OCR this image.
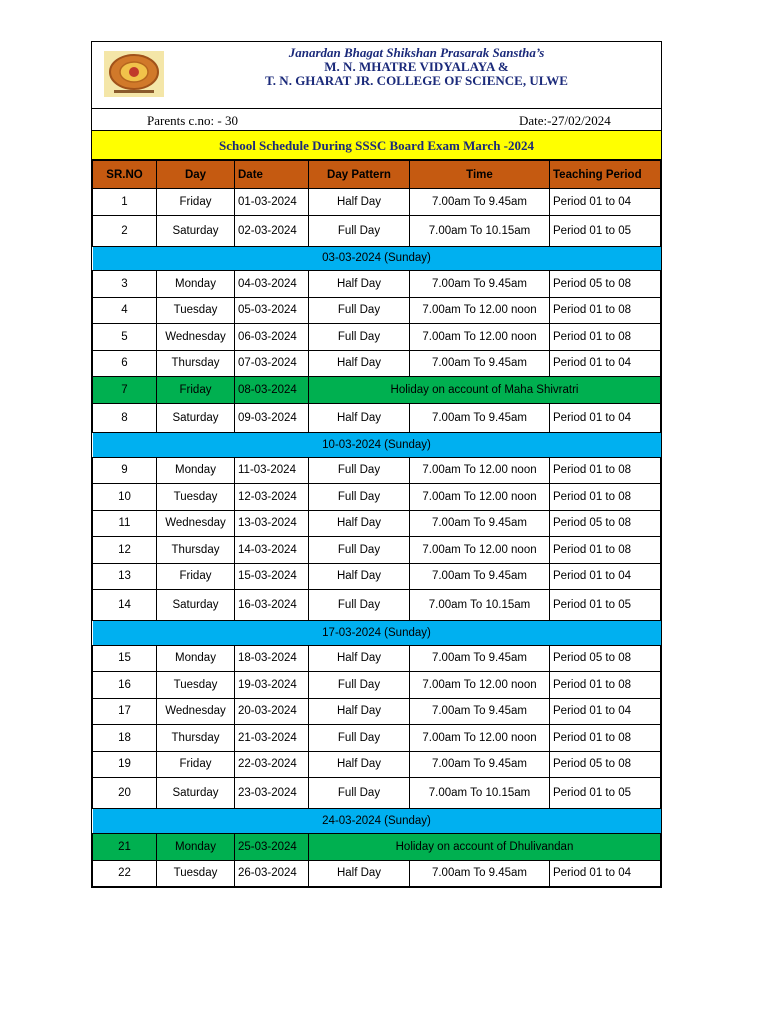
Janardan Bhagat Shikshan Prasarak Sanstha’s
M. N. MHATRE VIDYALAYA &
T. N. GHARAT JR. COLLEGE OF SCIENCE, ULWE
Parents c.no: - 30	Date:-27/02/2024
School Schedule During SSSC Board Exam March -2024
SR.NO	Day	Date	Day Pattern	Time	Teaching Period
1	Friday	01-03-2024	Half Day	7.00am To 9.45am	Period 01 to 04
2	Saturday	02-03-2024	Full Day	7.00am To 10.15am	Period 01 to 05
03-03-2024 (Sunday)					
3	Monday	04-03-2024	Half Day	7.00am To 9.45am	Period 05 to 08
4	Tuesday	05-03-2024	Full Day	7.00am To 12.00 noon	Period 01 to 08
5	Wednesday	06-03-2024	Full Day	7.00am To 12.00 noon	Period 01 to 08
6	Thursday	07-03-2024	Half Day	7.00am To 9.45am	Period 01 to 04
7	Friday	08-03-2024	Holiday on account of Maha Shivratri		
8	Saturday	09-03-2024	Half Day	7.00am To 9.45am	Period 01 to 04
10-03-2024 (Sunday)					
9	Monday	11-03-2024	Full Day	7.00am To 12.00 noon	Period 01 to 08
10	Tuesday	12-03-2024	Full Day	7.00am To 12.00 noon	Period 01 to 08
11	Wednesday	13-03-2024	Half Day	7.00am To 9.45am	Period 05 to 08
12	Thursday	14-03-2024	Full Day	7.00am To 12.00 noon	Period 01 to 08
13	Friday	15-03-2024	Half Day	7.00am To 9.45am	Period 01 to 04
14	Saturday	16-03-2024	Full Day	7.00am To 10.15am	Period 01 to 05
17-03-2024 (Sunday)					
15	Monday	18-03-2024	Half Day	7.00am To 9.45am	Period 05 to 08
16	Tuesday	19-03-2024	Full Day	7.00am To 12.00 noon	Period 01 to 08
17	Wednesday	20-03-2024	Half Day	7.00am To 9.45am	Period 01 to 04
18	Thursday	21-03-2024	Full Day	7.00am To 12.00 noon	Period 01 to 08
19	Friday	22-03-2024	Half Day	7.00am To 9.45am	Period 05 to 08
20	Saturday	23-03-2024	Full Day	7.00am To 10.15am	Period 01 to 05
24-03-2024 (Sunday)					
21	Monday	25-03-2024	Holiday on account of Dhulivandan		
22	Tuesday	26-03-2024	Half Day	7.00am To 9.45am	Period 01 to 04
